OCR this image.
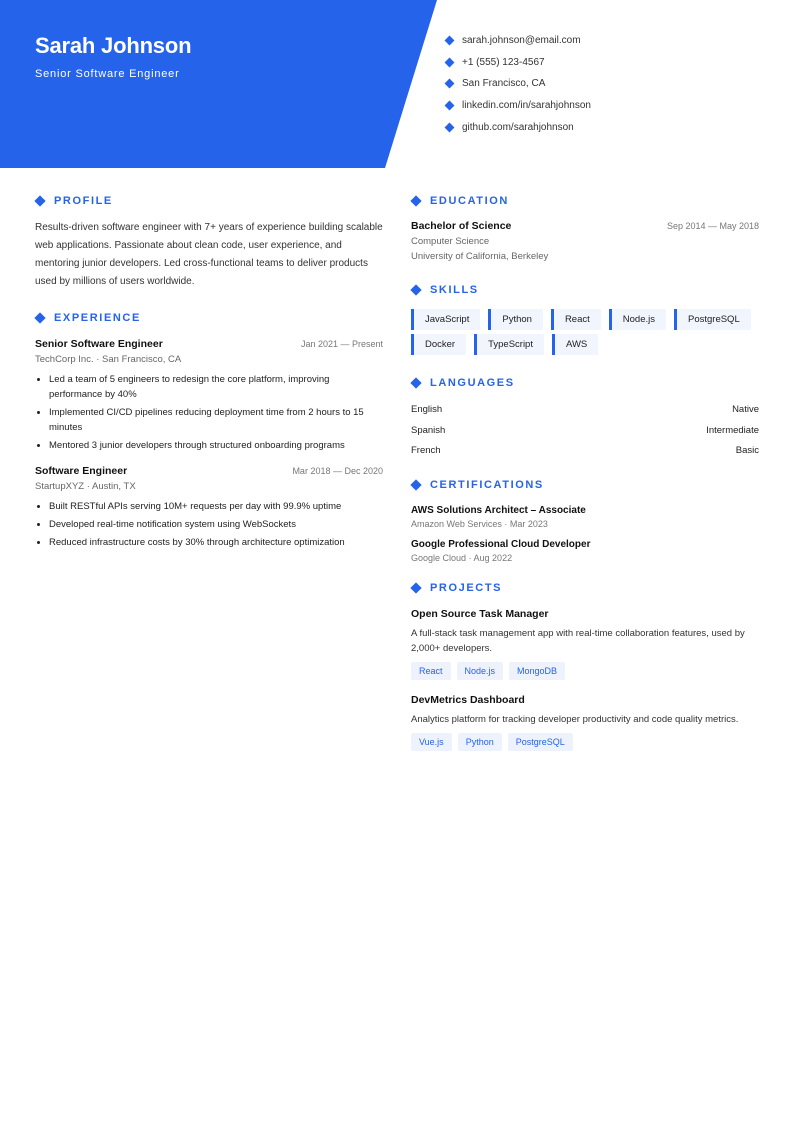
Sarah Johnson
Senior Software Engineer
sarah.johnson@email.com
+1 (555) 123-4567
San Francisco, CA
linkedin.com/in/sarahjohnson
github.com/sarahjohnson
PROFILE

Results-driven software engineer with 7+ years of experience building scalable web applications. Passionate about clean code, user experience, and mentoring junior developers. Led cross-functional teams to deliver products used by millions of users worldwide.

EXPERIENCE
Senior Software Engineer	Jan 2021 — Present
TechCorp Inc. · San Francisco, CA
Led a team of 5 engineers to redesign the core platform, improving performance by 40%
Implemented CI/CD pipelines reducing deployment time from 2 hours to 15 minutes
Mentored 3 junior developers through structured onboarding programs
Software Engineer	Mar 2018 — Dec 2020
StartupXYZ · Austin, TX
Built RESTful APIs serving 10M+ requests per day with 99.9% uptime
Developed real-time notification system using WebSockets
Reduced infrastructure costs by 30% through architecture optimization
EDUCATION
Bachelor of Science	Sep 2014 — May 2018
Computer Science
University of California, Berkeley
SKILLS
JavaScript	Python	React	Node.js	PostgreSQL
Docker	TypeScript	AWS
LANGUAGES
English	Native
Spanish	Intermediate
French	Basic
CERTIFICATIONS
AWS Solutions Architect – Associate
Amazon Web Services · Mar 2023
Google Professional Cloud Developer
Google Cloud · Aug 2022
PROJECTS
Open Source Task Manager
A full-stack task management app with real-time collaboration features, used by 2,000+ developers.
React	Node.js	MongoDB
DevMetrics Dashboard
Analytics platform for tracking developer productivity and code quality metrics.
Vue.js	Python	PostgreSQL
